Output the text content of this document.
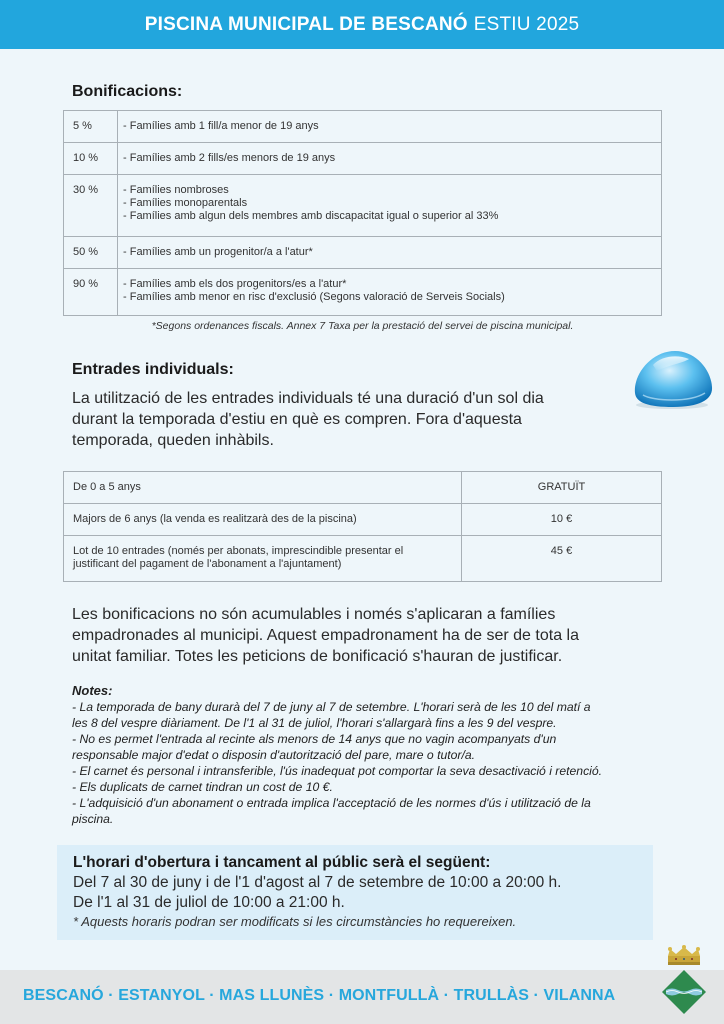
PISCINA MUNICIPAL DE BESCANÓ ESTIU 2025
Bonificacions:
5 %	- Famílies amb 1 fill/a menor de 19 anys

10 %	- Famílies amb 2 fills/es menors de 19 anys

30 %	- Famílies nombroses
- Famílies monoparentals
- Famílies amb algun dels membres amb discapacitat igual o superior al 33%

50 %	- Famílies amb un progenitor/a a l'atur*

90 %	- Famílies amb els dos progenitors/es a l'atur*
- Famílies amb menor en risc d'exclusió (Segons valoració de Serveis Socials)
*Segons ordenances fiscals. Annex 7 Taxa per la prestació del servei de piscina municipal.
Entrades individuals:
La utilització de les entrades individuals té una duració d'un sol dia
durant la temporada d'estiu en què es compren. Fora d'aquesta
temporada, queden inhàbils.
De 0 a 5 anys	GRATUÏT

Majors de 6 anys (la venda es realitzarà des de la piscina)	10 €

Lot de 10 entrades (només per abonats, imprescindible presentar el
justificant del pagament de l'abonament a l'ajuntament)	45 €
Les bonificacions no són acumulables i només s'aplicaran a famílies
empadronades al municipi. Aquest empadronament ha de ser de tota la
unitat familiar. Totes les peticions de bonificació s'hauran de justificar.
Notes:
- La temporada de bany durarà del 7 de juny al 7 de setembre. L'horari serà de les 10 del matí a
les 8 del vespre diàriament. De l'1 al 31 de juliol, l'horari s'allargarà fins a les 9 del vespre.
- No es permet l'entrada al recinte als menors de 14 anys que no vagin acompanyats d'un
responsable major d'edat o disposin d'autorització del pare, mare o tutor/a.
- El carnet és personal i intransferible, l'ús inadequat pot comportar la seva desactivació i retenció.
- Els duplicats de carnet tindran un cost de 10 €.
- L'adquisició d'un abonament o entrada implica l'acceptació de les normes d'ús i utilització de la
piscina.
L'horari d'obertura i tancament al públic serà el següent:
Del 7 al 30 de juny i de l'1 d'agost al 7 de setembre de 10:00 a 20:00 h.
De l'1 al 31 de juliol de 10:00 a 21:00 h.
* Aquests horaris podran ser modificats si les circumstàncies ho requereixen.
BESCANÓ · ESTANYOL · MAS LLUNÈS · MONTFULLÀ · TRULLÀS · VILANNA
